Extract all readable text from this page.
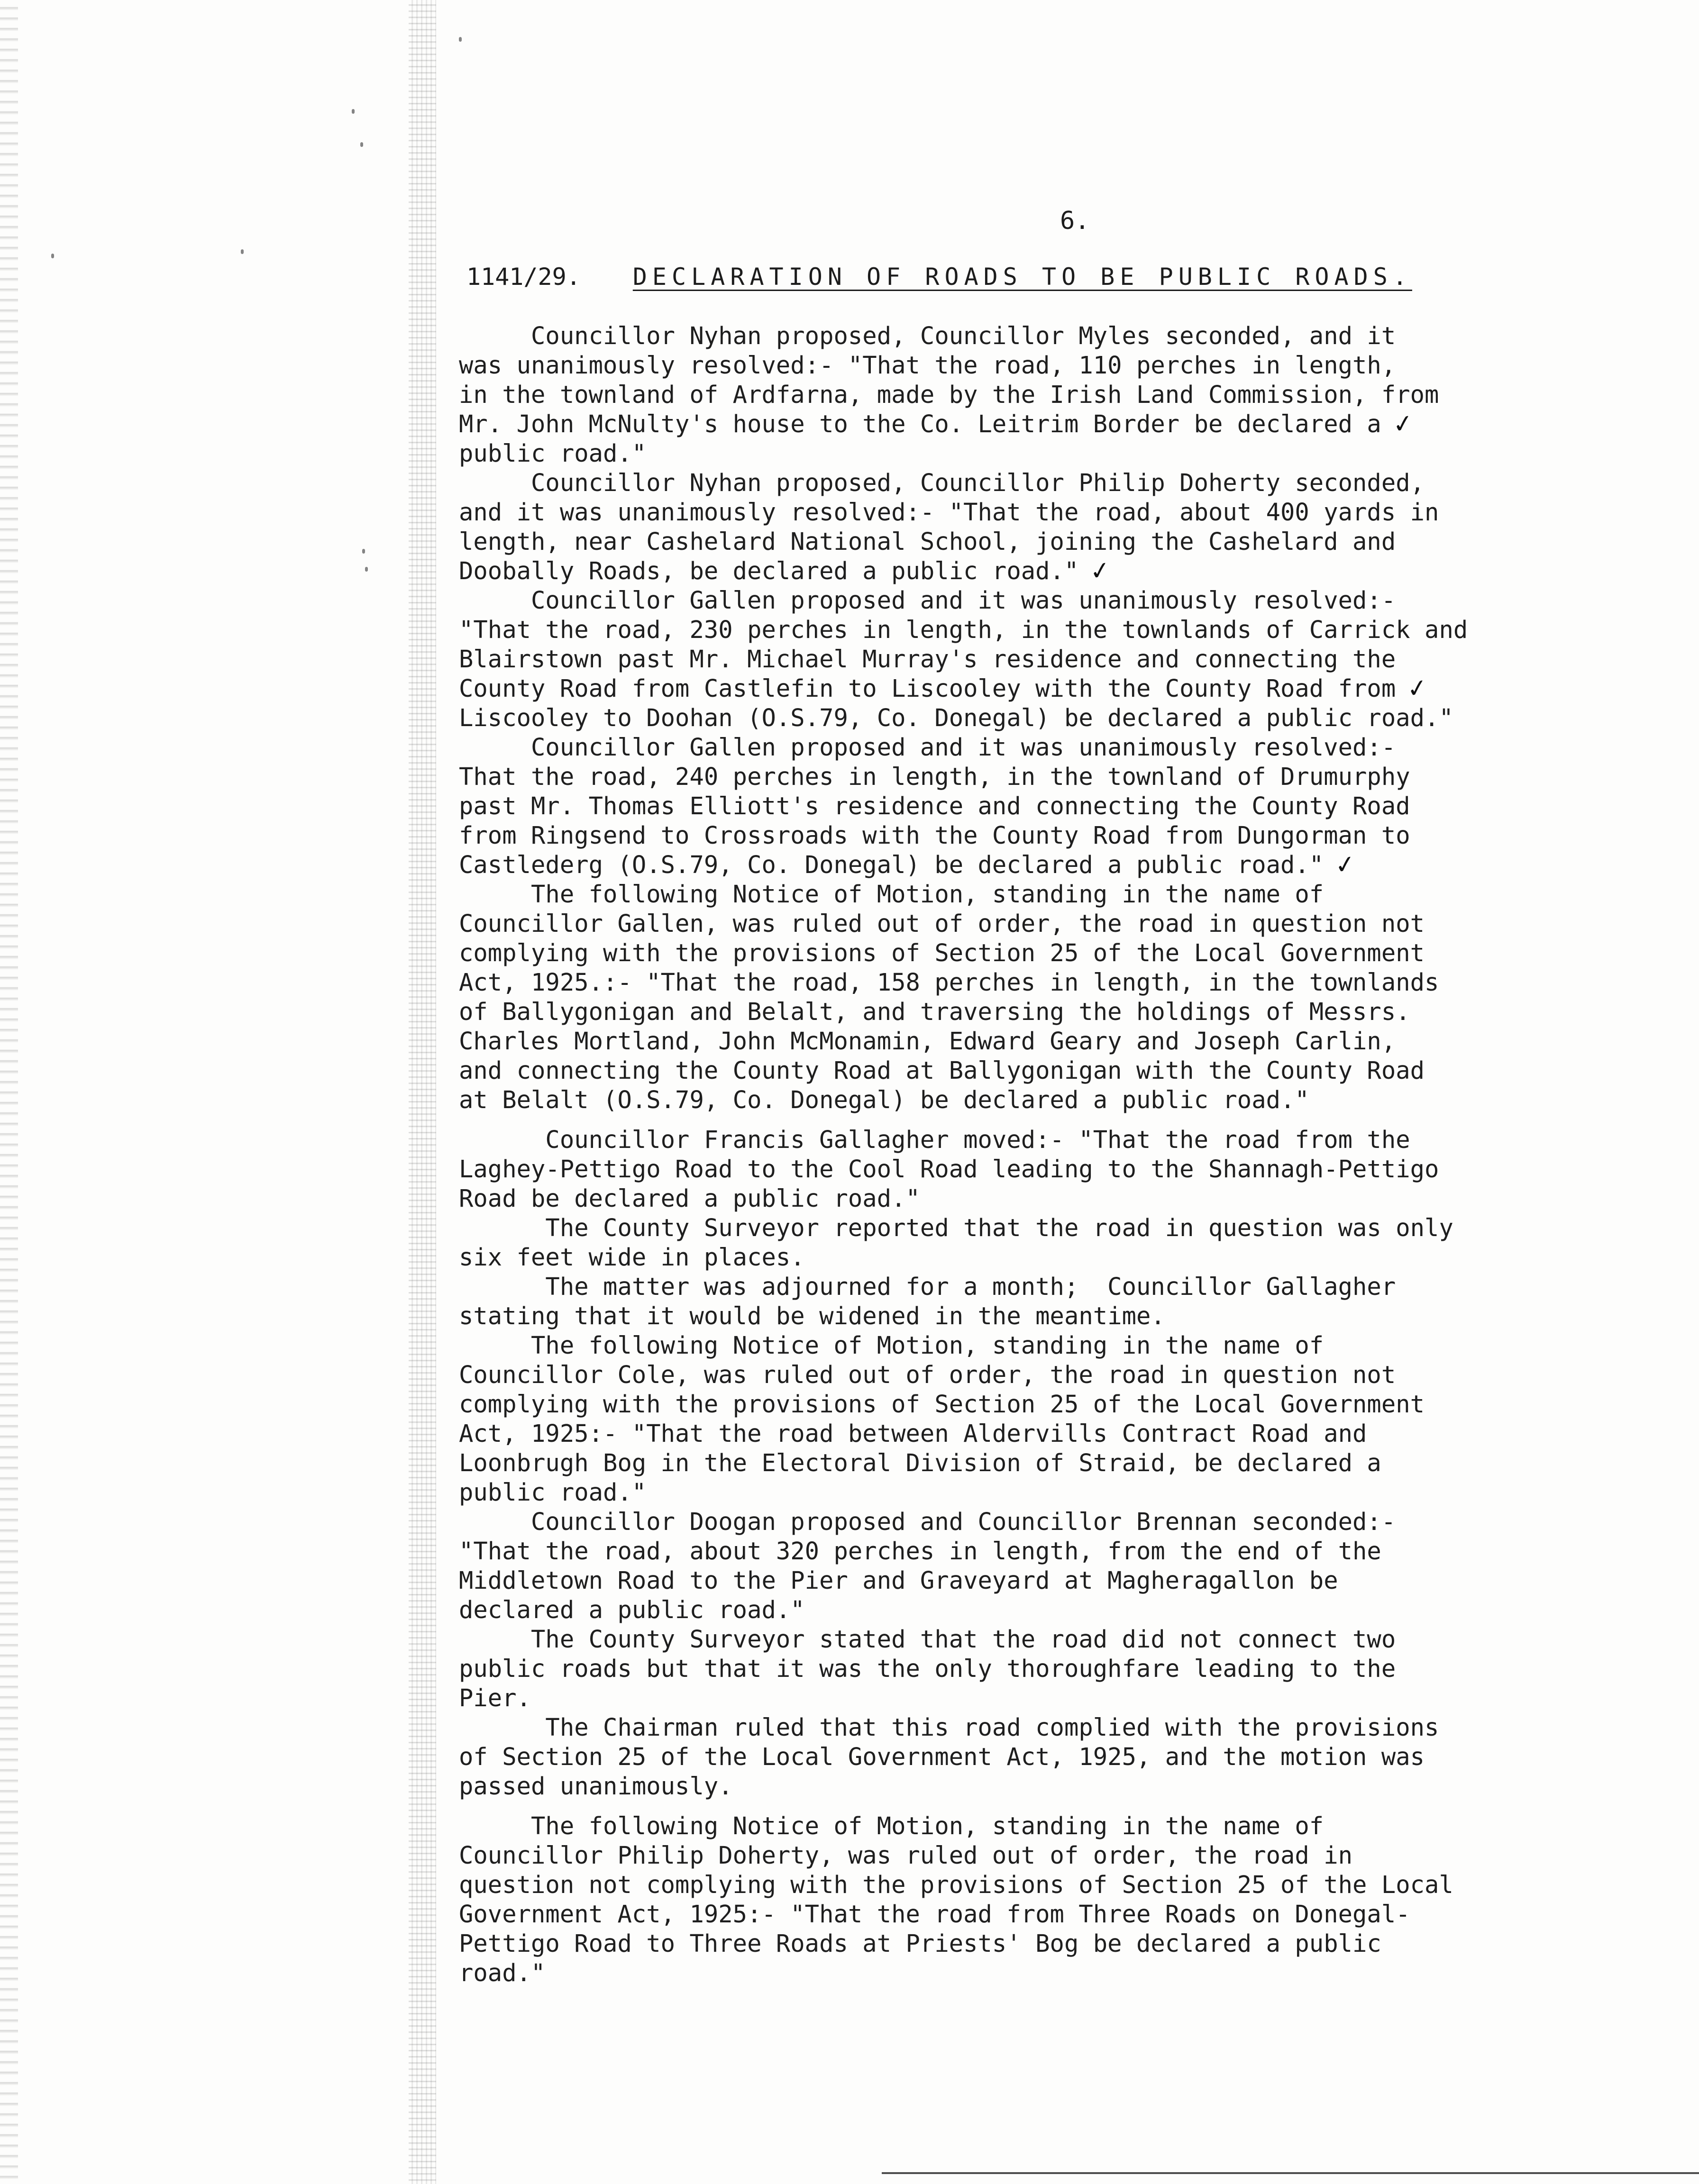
6.
1141/29. DECLARATION OF ROADS TO BE PUBLIC ROADS.
Councillor Nyhan proposed, Councillor Myles seconded, and it
was unanimously resolved:- "That the road, 110 perches in length,
in the townland of Ardfarna, made by the Irish Land Commission, from
Mr. John McNulty's house to the Co. Leitrim Border be declared a ✓
public road."
Councillor Nyhan proposed, Councillor Philip Doherty seconded,
and it was unanimously resolved:- "That the road, about 400 yards in
length, near Cashelard National School, joining the Cashelard and
Doobally Roads, be declared a public road." ✓
Councillor Gallen proposed and it was unanimously resolved:-
"That the road, 230 perches in length, in the townlands of Carrick and
Blairstown past Mr. Michael Murray's residence and connecting the
County Road from Castlefin to Liscooley with the County Road from ✓
Liscooley to Doohan (O.S.79, Co. Donegal) be declared a public road."
Councillor Gallen proposed and it was unanimously resolved:-
That the road, 240 perches in length, in the townland of Drumurphy
past Mr. Thomas Elliott's residence and connecting the County Road
from Ringsend to Crossroads with the County Road from Dungorman to
Castlederg (O.S.79, Co. Donegal) be declared a public road." ✓
The following Notice of Motion, standing in the name of
Councillor Gallen, was ruled out of order, the road in question not
complying with the provisions of Section 25 of the Local Government
Act, 1925.:- "That the road, 158 perches in length, in the townlands
of Ballygonigan and Belalt, and traversing the holdings of Messrs.
Charles Mortland, John McMonamin, Edward Geary and Joseph Carlin,
and connecting the County Road at Ballygonigan with the County Road
at Belalt (O.S.79, Co. Donegal) be declared a public road."
Councillor Francis Gallagher moved:- "That the road from the
Laghey-Pettigo Road to the Cool Road leading to the Shannagh-Pettigo
Road be declared a public road."
The County Surveyor reported that the road in question was only
six feet wide in places.
The matter was adjourned for a month;  Councillor Gallagher
stating that it would be widened in the meantime.
The following Notice of Motion, standing in the name of
Councillor Cole, was ruled out of order, the road in question not
complying with the provisions of Section 25 of the Local Government
Act, 1925:- "That the road between Aldervills Contract Road and
Loonbrugh Bog in the Electoral Division of Straid, be declared a
public road."
Councillor Doogan proposed and Councillor Brennan seconded:-
"That the road, about 320 perches in length, from the end of the
Middletown Road to the Pier and Graveyard at Magheragallon be
declared a public road."
The County Surveyor stated that the road did not connect two
public roads but that it was the only thoroughfare leading to the
Pier.
The Chairman ruled that this road complied with the provisions
of Section 25 of the Local Government Act, 1925, and the motion was
passed unanimously.
The following Notice of Motion, standing in the name of
Councillor Philip Doherty, was ruled out of order, the road in
question not complying with the provisions of Section 25 of the Local
Government Act, 1925:- "That the road from Three Roads on Donegal-
Pettigo Road to Three Roads at Priests' Bog be declared a public
road."
